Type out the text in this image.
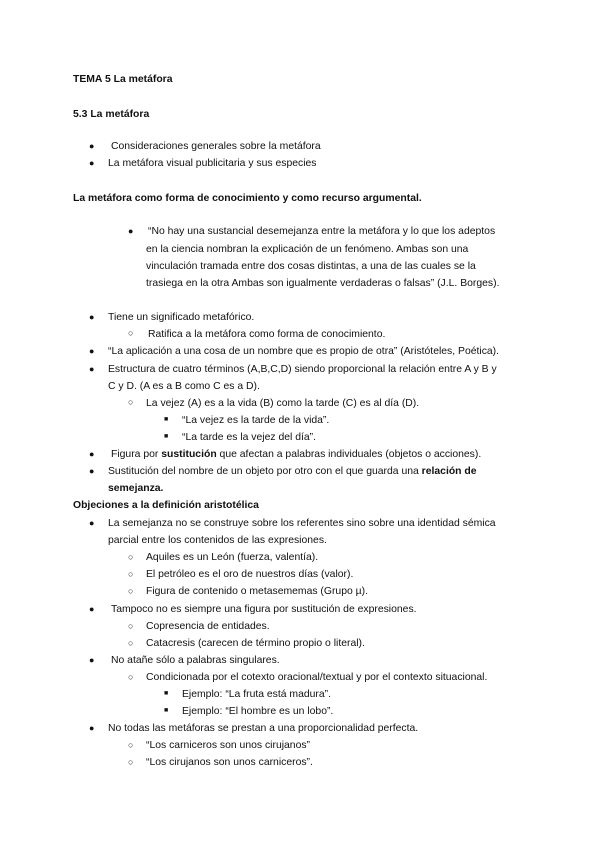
TEMA 5 La metáfora
5.3 La metáfora
● Consideraciones generales sobre la metáfora
● La metáfora visual publicitaria y sus especies
La metáfora como forma de conocimiento y como recurso argumental.
● “No hay una sustancial desemejanza entre la metáfora y lo que los adeptos
en la ciencia nombran la explicación de un fenómeno. Ambas son una
vinculación tramada entre dos cosas distintas, a una de las cuales se la
trasiega en la otra Ambas son igualmente verdaderas o falsas” (J.L. Borges).
● Tiene un significado metafórico.
○ Ratifica a la metáfora como forma de conocimiento.
● “La aplicación a una cosa de un nombre que es propio de otra” (Aristóteles, Poética).
● Estructura de cuatro términos (A,B,C,D) siendo proporcional la relación entre A y B y
C y D. (A es a B como C es a D).
○ La vejez (A) es a la vida (B) como la tarde (C) es al día (D).
■ “La vejez es la tarde de la vida”.
■ “La tarde es la vejez del día”.
● Figura por sustitución que afectan a palabras individuales (objetos o acciones).
● Sustitución del nombre de un objeto por otro con el que guarda una relación de
semejanza.
Objeciones a la definición aristotélica
● La semejanza no se construye sobre los referentes sino sobre una identidad sémica
parcial entre los contenidos de las expresiones.
○ Aquiles es un León (fuerza, valentía).
○ El petróleo es el oro de nuestros días (valor).
○ Figura de contenido o metasememas (Grupo µ).
● Tampoco no es siempre una figura por sustitución de expresiones.
○ Copresencia de entidades.
○ Catacresis (carecen de término propio o literal).
● No atañe sólo a palabras singulares.
○ Condicionada por el cotexto oracional/textual y por el contexto situacional.
■ Ejemplo: “La fruta está madura”.
■ Ejemplo: “El hombre es un lobo”.
● No todas las metáforas se prestan a una proporcionalidad perfecta.
○ “Los carniceros son unos cirujanos”
○ “Los cirujanos son unos carniceros”.
